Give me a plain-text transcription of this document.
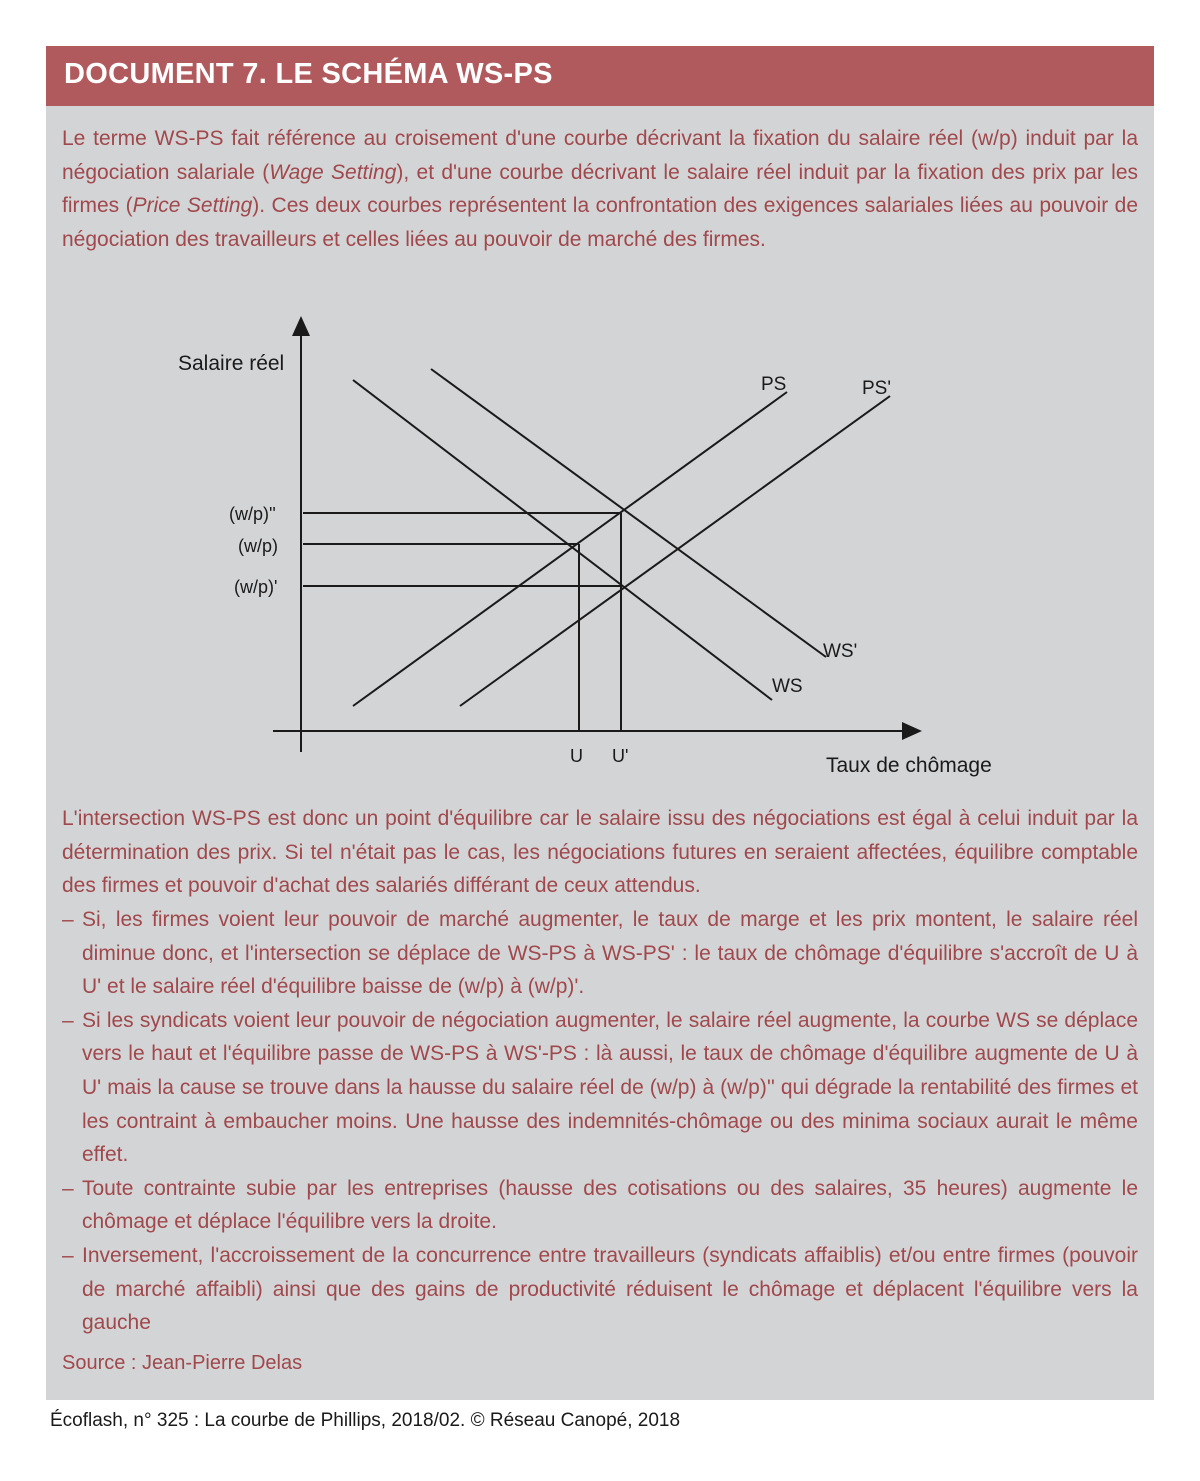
DOCUMENT 7. LE SCHÉMA WS-PS

Le terme WS-PS fait référence au croisement d'une courbe décrivant la fixation du salaire réel (w/p) induit par la négociation salariale (Wage Setting), et d'une courbe décrivant le salaire réel induit par la fixation des prix par les firmes (Price Setting). Ces deux courbes représentent la confrontation des exigences salariales liées au pouvoir de négociation des travailleurs et celles liées au pouvoir de marché des firmes.

Salaire réel
Taux de chômage
(w/p)''
(w/p)
(w/p)'
U U'
PS	PS'
WS'
WS

L'intersection WS-PS est donc un point d'équilibre car le salaire issu des négociations est égal à celui induit par la détermination des prix. Si tel n'était pas le cas, les négociations futures en seraient affectées, équilibre comptable des firmes et pouvoir d'achat des salariés différant de ceux attendus.

– Si, les firmes voient leur pouvoir de marché augmenter, le taux de marge et les prix montent, le salaire réel diminue donc, et l'intersection se déplace de WS-PS à WS-PS' : le taux de chômage d'équilibre s'accroît de U à U' et le salaire réel d'équilibre baisse de (w/p) à (w/p)'.
– Si les syndicats voient leur pouvoir de négociation augmenter, le salaire réel augmente, la courbe WS se déplace vers le haut et l'équilibre passe de WS-PS à WS'-PS : là aussi, le taux de chômage d'équilibre augmente de U à U' mais la cause se trouve dans la hausse du salaire réel de (w/p) à (w/p)'' qui dégrade la rentabilité des firmes et les contraint à embaucher moins. Une hausse des indemnités-chômage ou des minima sociaux aurait le même effet.
– Toute contrainte subie par les entreprises (hausse des cotisations ou des salaires, 35 heures) augmente le chômage et déplace l'équilibre vers la droite.
– Inversement, l'accroissement de la concurrence entre travailleurs (syndicats affaiblis) et/ou entre firmes (pouvoir de marché affaibli) ainsi que des gains de productivité réduisent le chômage et déplacent l'équilibre vers la gauche

Source : Jean-Pierre Delas

Écoflash, n° 325 : La courbe de Phillips, 2018/02. © Réseau Canopé, 2018
